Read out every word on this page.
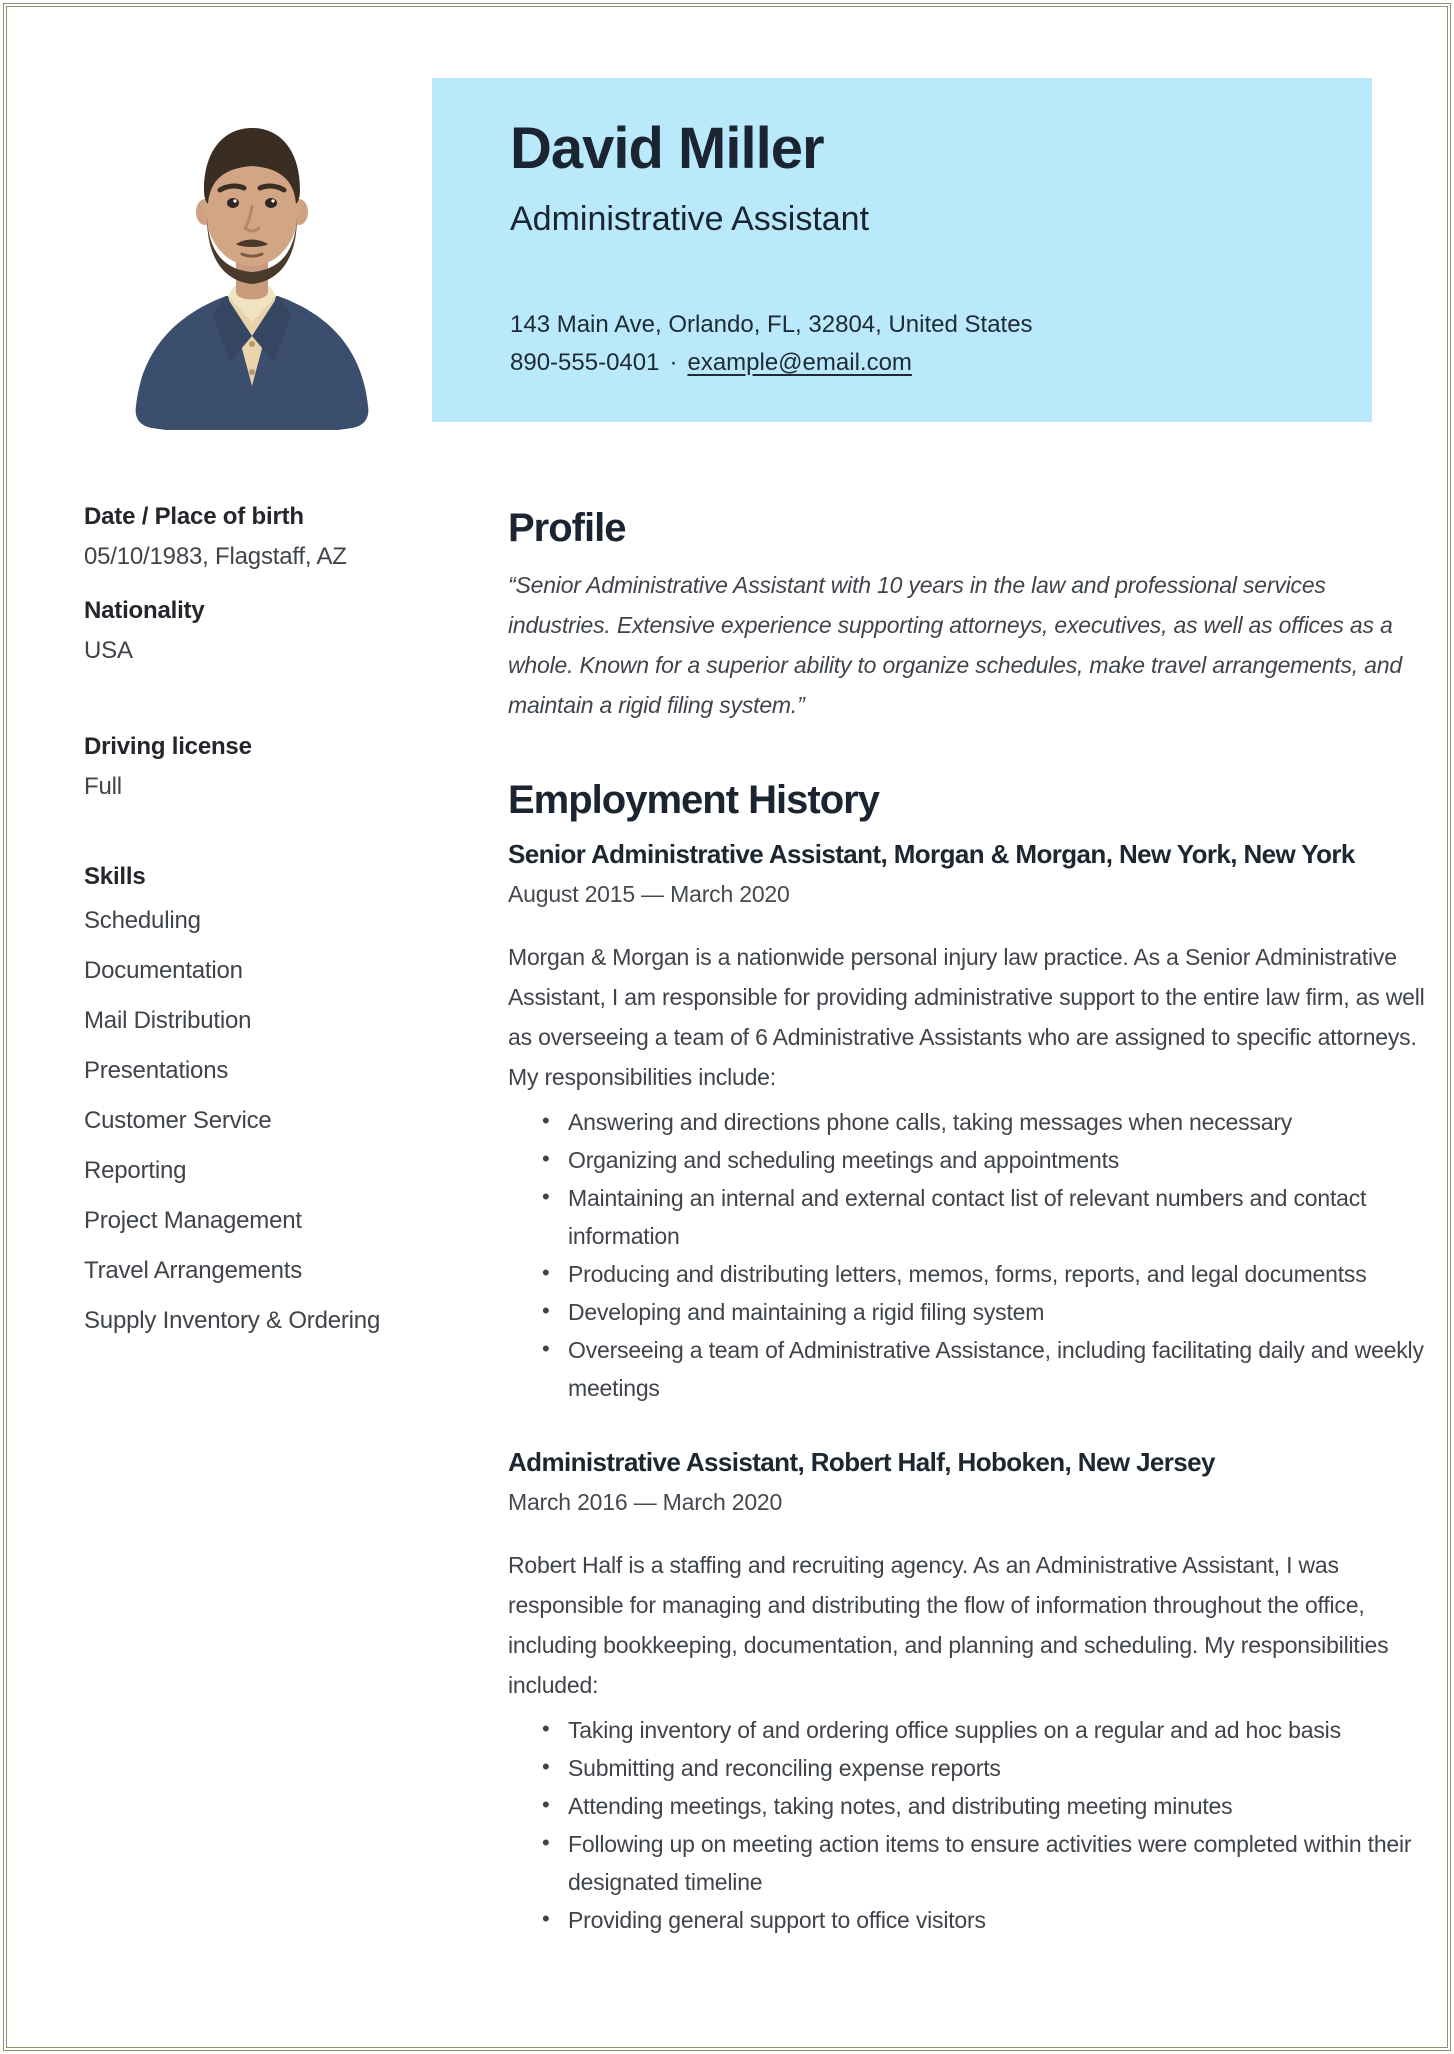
David Miller
Administrative Assistant
143 Main Ave, Orlando, FL, 32804, United States
890-555-0401 · example@email.com
Date / Place of birth
05/10/1983, Flagstaff, AZ
Nationality
USA
Driving license
Full
Skills
Scheduling
Documentation
Mail Distribution
Presentations
Customer Service
Reporting
Project Management
Travel Arrangements
Supply Inventory & Ordering
Profile

“Senior Administrative Assistant with 10 years in the law and professional services industries. Extensive experience supporting attorneys, executives, as well as offices as a whole. Known for a superior ability to organize schedules, make travel arrangements, and maintain a rigid filing system.”

Employment History
Senior Administrative Assistant, Morgan & Morgan, New York, New York
August 2015 — March 2020

Morgan & Morgan is a nationwide personal injury law practice. As a Senior Administrative Assistant, I am responsible for providing administrative support to the entire law firm, as well as overseeing a team of 6 Administrative Assistants who are assigned to specific attorneys. My responsibilities include:

• Answering and directions phone calls, taking messages when necessary
• Organizing and scheduling meetings and appointments
• Maintaining an internal and external contact list of relevant numbers and contact information
• Producing and distributing letters, memos, forms, reports, and legal documentss
• Developing and maintaining a rigid filing system
• Overseeing a team of Administrative Assistance, including facilitating daily and weekly meetings
Administrative Assistant, Robert Half, Hoboken, New Jersey
March 2016 — March 2020

Robert Half is a staffing and recruiting agency. As an Administrative Assistant, I was responsible for managing and distributing the flow of information throughout the office, including bookkeeping, documentation, and planning and scheduling. My responsibilities included:

• Taking inventory of and ordering office supplies on a regular and ad hoc basis
• Submitting and reconciling expense reports
• Attending meetings, taking notes, and distributing meeting minutes
• Following up on meeting action items to ensure activities were completed within their designated timeline
• Providing general support to office visitors
